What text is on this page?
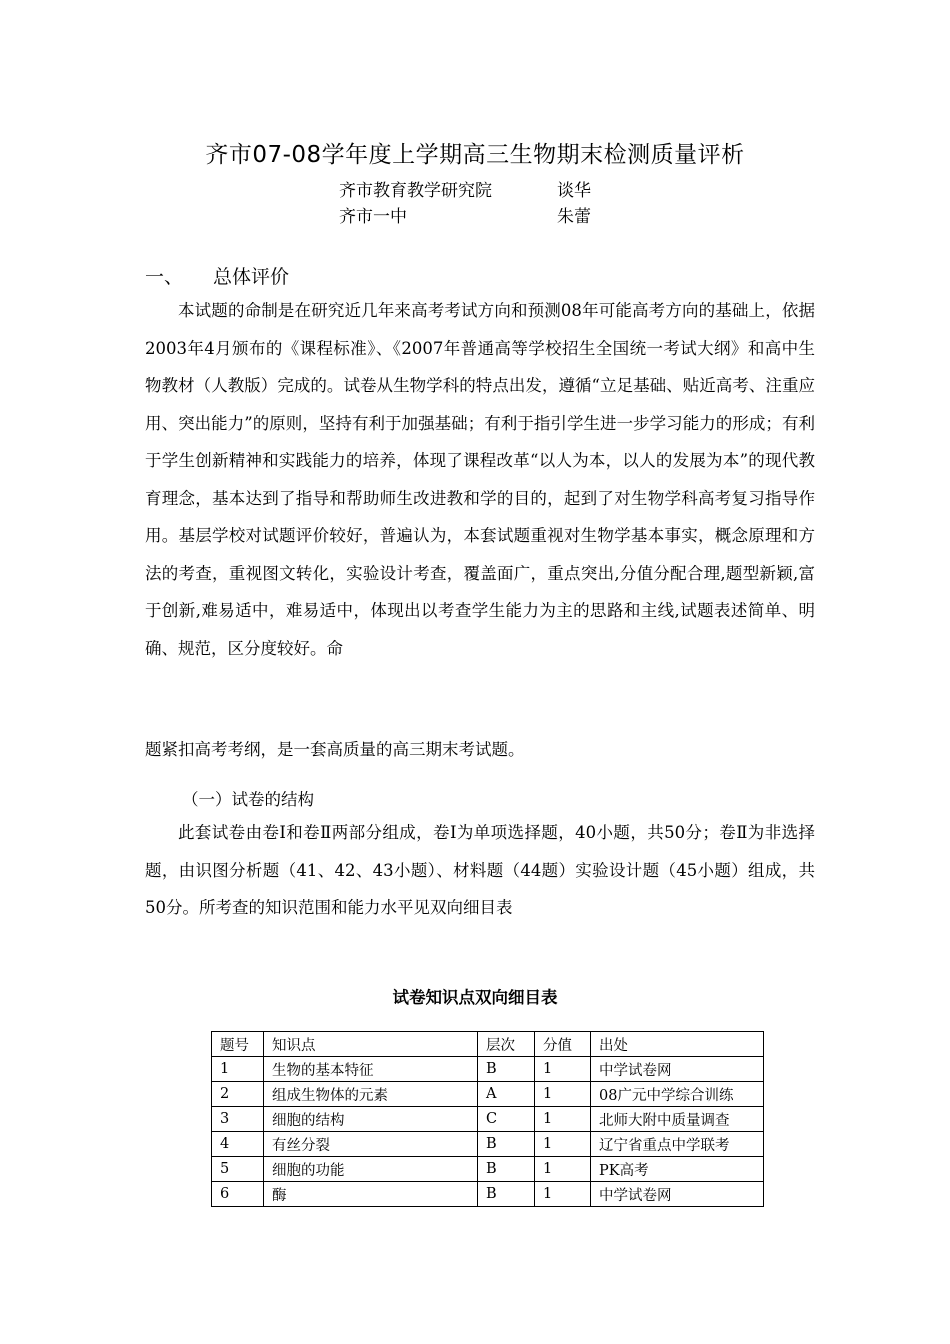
齐市07-08学年度上学期高三生物期末检测质量评析
齐市教育教学研究院	谈华
齐市一中	朱蕾
一、 总体评价

本试题的命制是在研究近几年来高考考试方向和预测08年可能高考方向的基础上，依据2003年4月颁布的《课程标准》、《2007年普通高等学校招生全国统一考试大纲》和高中生物教材（人教版）完成的。试卷从生物学科的特点出发，遵循“立足基础、贴近高考、注重应用、突出能力”的原则，坚持有利于加强基础；有利于指引学生进一步学习能力的形成；有利于学生创新精神和实践能力的培养，体现了课程改革“以人为本，以人的发展为本”的现代教育理念，基本达到了指导和帮助师生改进教和学的目的，起到了对生物学科高考复习指导作用。基层学校对试题评价较好，普遍认为，本套试题重视对生物学基本事实，概念原理和方法的考查，重视图文转化，实验设计考查，覆盖面广，重点突出,分值分配合理,题型新颖,富于创新,难易适中，难易适中，体现出以考查学生能力为主的思路和主线,试题表述简单、明确、规范，区分度较好。命

题紧扣高考考纲，是一套高质量的高三期末考试题。
（一）试卷的结构

此套试卷由卷Ⅰ和卷Ⅱ两部分组成，卷Ⅰ为单项选择题，40小题，共50分；卷Ⅱ为非选择题，由识图分析题（41、42、43小题）、材料题（44题）实验设计题（45小题）组成，共50分。所考查的知识范围和能力水平见双向细目表

试卷知识点双向细目表
题号	知识点	层次	分值	出处
1	生物的基本特征	B	1	中学试卷网
2	组成生物体的元素	A	1	08广元中学综合训练
3	细胞的结构	C	1	北师大附中质量调查
4	有丝分裂	B	1	辽宁省重点中学联考
5	细胞的功能	B	1	PK高考
6	酶	B	1	中学试卷网
